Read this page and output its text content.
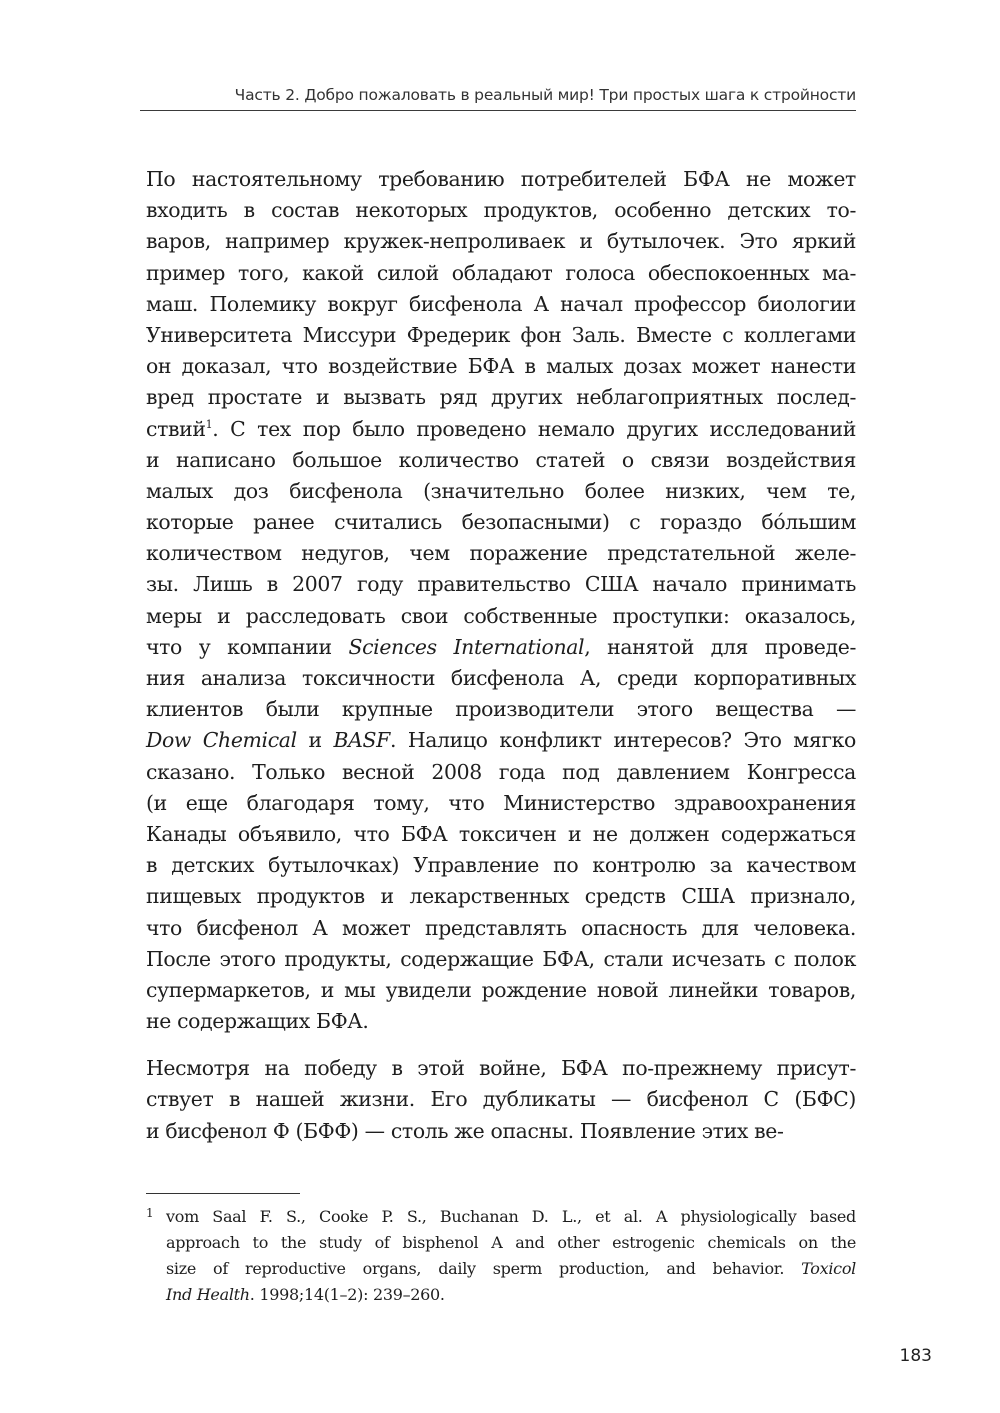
Часть 2. Добро пожаловать в реальный мир! Три простых шага к стройности
По настоятельному требованию потребителей БФА не может
входить в состав некоторых продуктов, особенно детских то-
варов, например кружек-непроливаек и бутылочек. Это яркий
пример того, какой силой обладают голоса обеспокоенных ма-
маш. Полемику вокруг бисфенола А начал профессор биологии
Университета Миссури Фредерик фон Заль. Вместе с коллегами
он доказал, что воздействие БФА в малых дозах может нанести
вред простате и вызвать ряд других неблагоприятных послед-
ствий$^1$. С тех пор было проведено немало других исследований
и написано большое количество статей о связи воздействия
малых доз бисфенола (значительно более низких, чем те,
которые ранее считались безопасными) с гораздо бо́льшим
количеством недугов, чем поражение предстательной желе-
зы. Лишь в 2007 году правительство США начало принимать
меры и расследовать свои собственные проступки: оказалось,
что у компании Sciences International, нанятой для проведе-
ния анализа токсичности бисфенола А, среди корпоративных
клиентов были крупные производители этого вещества —
Dow Chemical и BASF. Налицо конфликт интересов? Это мягко
сказано. Только весной 2008 года под давлением Конгресса
(и еще благодаря тому, что Министерство здравоохранения
Канады объявило, что БФА токсичен и не должен содержаться
в детских бутылочках) Управление по контролю за качеством
пищевых продуктов и лекарственных средств США признало,
что бисфенол А может представлять опасность для человека.
После этого продукты, содержащие БФА, стали исчезать с полок
супермаркетов, и мы увидели рождение новой линейки товаров,
не содержащих БФА.
Несмотря на победу в этой войне, БФА по-прежнему присут-
ствует в нашей жизни. Его дубликаты — бисфенол С (БФС)
и бисфенол Ф (БФФ) — столь же опасны. Появление этих ве-
1 vom Saal F. S., Cooke P. S., Buchanan D. L., et al. A physiologically based
approach to the study of bisphenol A and other estrogenic chemicals on the
size of reproductive organs, daily sperm production, and behavior. Toxicol
Ind Health. 1998;14(1–2): 239–260.
183
